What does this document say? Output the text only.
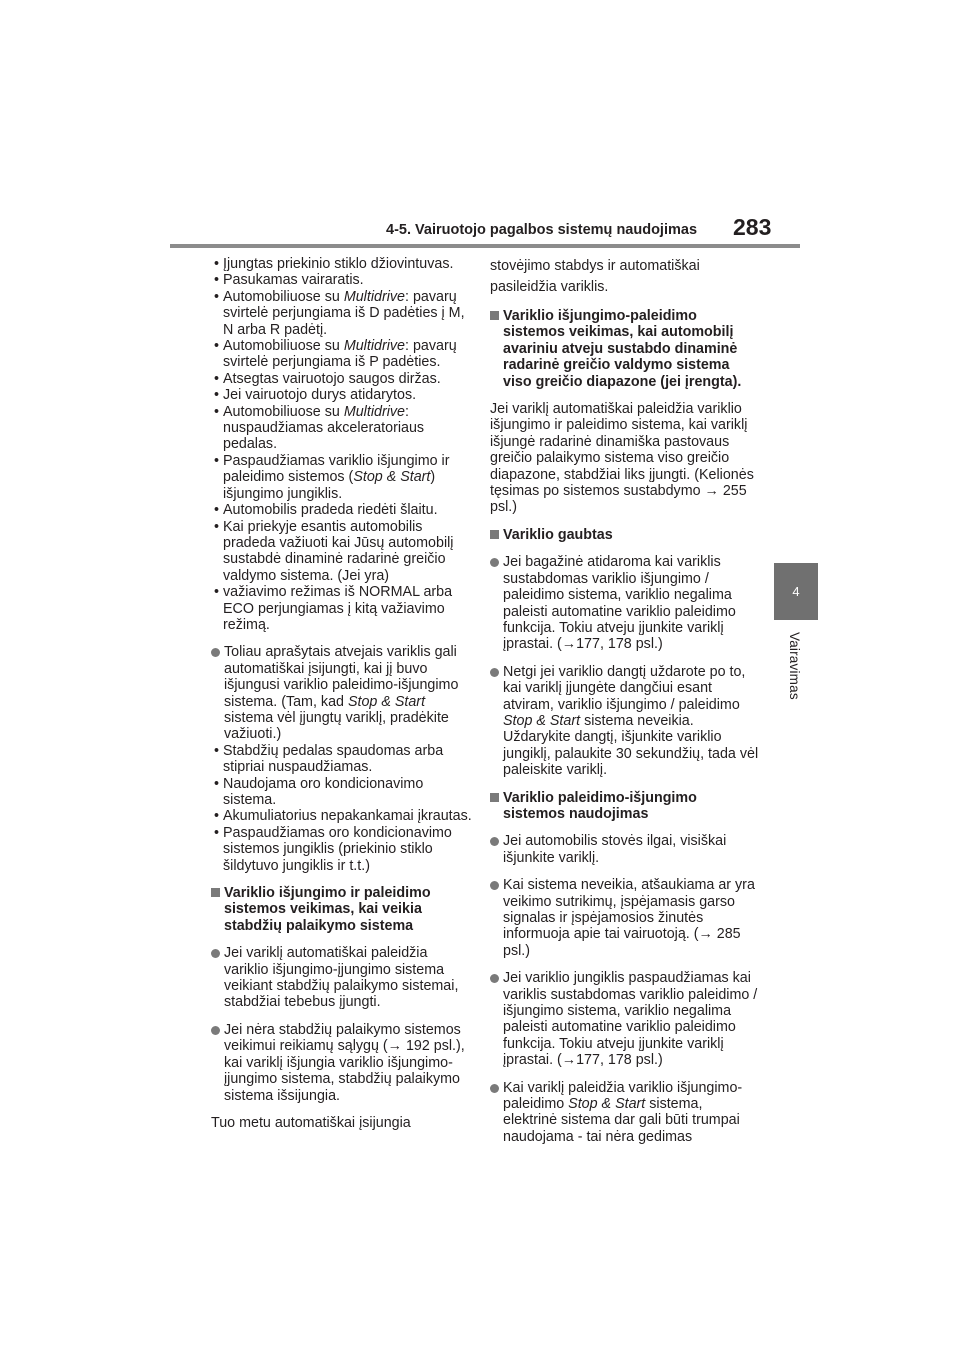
4-5. Vairuotojo pagalbos sistemų naudojimas 283
4
Vairavimas
• Įjungtas priekinio stiklo džiovintuvas.
• Pasukamas vairaratis.
• Automobiliuose su Multidrive: pavarų svirtelė perjungiama iš D padėties į M, N arba R padėtį.
• Automobiliuose su Multidrive: pavarų svirtelė perjungiama iš P padėties.
• Atsegtas vairuotojo saugos diržas.
• Jei vairuotojo durys atidarytos.
• Automobiliuose su Multidrive: nuspaudžiamas akceleratoriaus pedalas.
• Paspaudžiamas variklio išjungimo ir paleidimo sistemos (Stop & Start) išjungimo jungiklis.
• Automobilis pradeda riedėti šlaitu.
• Kai priekyje esantis automobilis pradeda važiuoti kai Jūsų automobilį sustabdė dinaminė radarinė greičio valdymo sistema. (Jei yra)
• važiavimo režimas iš NORMAL arba ECO perjungiamas į kitą važiavimo režimą.
Toliau aprašytais atvejais variklis gali automatiškai įsijungti, kai jį buvo išjungusi variklio paleidimo-išjungimo sistema. (Tam, kad Stop & Start sistema vėl įjungtų variklį, pradėkite važiuoti.)
• Stabdžių pedalas spaudomas arba stipriai nuspaudžiamas.
• Naudojama oro kondicionavimo sistema.
• Akumuliatorius nepakankamai įkrautas.
• Paspaudžiamas oro kondicionavimo sistemos jungiklis (priekinio stiklo šildytuvo jungiklis ir t.t.)
Variklio išjungimo ir paleidimo sistemos veikimas, kai veikia stabdžių palaikymo sistema
Jei variklį automatiškai paleidžia variklio išjungimo-įjungimo sistema veikiant stabdžių palaikymo sistemai, stabdžiai tebebus įjungti.
Jei nėra stabdžių palaikymo sistemos veikimui reikiamų sąlygų (→ 192 psl.), kai variklį išjungia variklio išjungimo-įjungimo sistema, stabdžių palaikymo sistema išsijungia.
Tuo metu automatiškai įsijungia
stovėjimo stabdys ir automatiškai pasileidžia variklis.
Variklio išjungimo-paleidimo sistemos veikimas, kai automobilį avariniu atveju sustabdo dinaminė radarinė greičio valdymo sistema viso greičio diapazone (jei įrengta).
Jei variklį automatiškai paleidžia variklio išjungimo ir paleidimo sistema, kai variklį išjungė radarinė dinamiška pastovaus greičio palaikymo sistema viso greičio diapazone, stabdžiai liks įjungti. (Kelionės tęsimas po sistemos sustabdymo → 255 psl.)
Variklio gaubtas
Jei bagažinė atidaroma kai variklis sustabdomas variklio išjungimo / paleidimo sistema, variklio negalima paleisti automatine variklio paleidimo funkcija. Tokiu atveju įjunkite variklį įprastai. (→177, 178 psl.)
Netgi jei variklio dangtį uždarote po to, kai variklį įjungėte dangčiui esant atviram, variklio išjungimo / paleidimo Stop & Start sistema neveikia. Uždarykite dangtį, išjunkite variklio jungiklį, palaukite 30 sekundžių, tada vėl paleiskite variklį.
Variklio paleidimo-išjungimo sistemos naudojimas
Jei automobilis stovės ilgai, visiškai išjunkite variklį.
Kai sistema neveikia, atšaukiama ar yra veikimo sutrikimų, įspėjamasis garso signalas ir įspėjamosios žinutės informuoja apie tai vairuotoją. (→ 285 psl.)
Jei variklio jungiklis paspaudžiamas kai variklis sustabdomas variklio paleidimo / išjungimo sistema, variklio negalima paleisti automatine variklio paleidimo funkcija. Tokiu atveju įjunkite variklį įprastai. (→177, 178 psl.)
Kai variklį paleidžia variklio išjungimo-paleidimo Stop & Start sistema, elektrinė sistema dar gali būti trumpai naudojama - tai nėra gedimas
